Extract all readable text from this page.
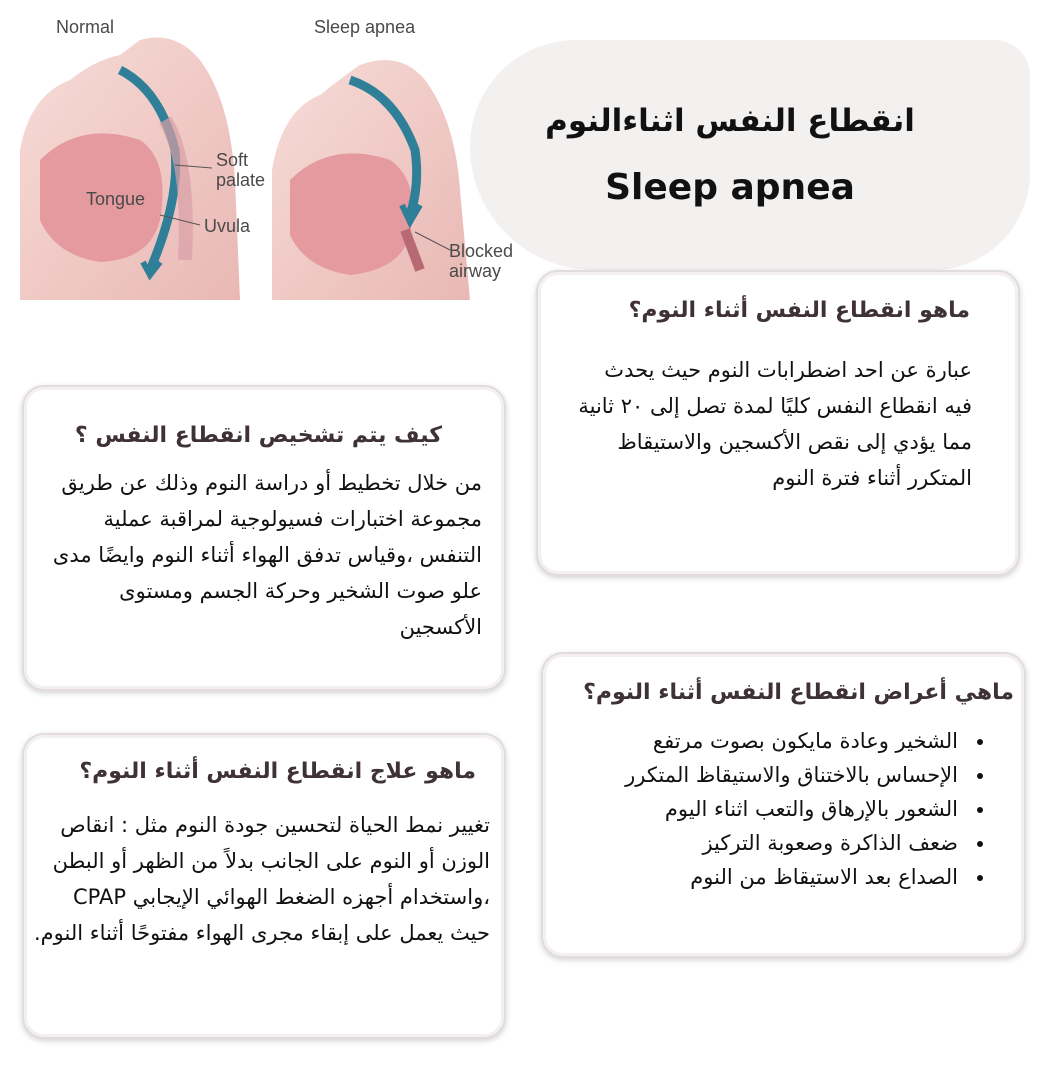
Normal	Sleep apnea
Soft
palate
Tongue
Uvula
Blocked
airway
انقطاع النفس اثناءالنوم
Sleep apnea
ماهو انقطاع النفس أثناء النوم؟

عبارة عن احد اضطرابات النوم حيث يحدث فيه انقطاع النفس كليًا لمدة تصل إلى ٢٠ ثانية مما يؤدي إلى نقص الأكسجين والاستيقاظ المتكرر أثناء فترة النوم

كيف يتم تشخيص انقطاع النفس ؟

من خلال تخطيط أو دراسة النوم وذلك عن طريق مجموعة اختبارات فسيولوجية لمراقبة عملية التنفس ،وقياس تدفق الهواء أثناء النوم وايضًا مدى علو صوت الشخير وحركة الجسم ومستوى الأكسجين

ماهي أعراض انقطاع النفس أثناء النوم؟
• الشخير وعادة مايكون بصوت مرتفع
• الإحساس بالاختناق والاستيقاظ المتكرر
• الشعور بالإرهاق والتعب اثناء اليوم
• ضعف الذاكرة وصعوبة التركيز
• الصداع بعد الاستيقاظ من النوم
ماهو علاج انقطاع النفس أثناء النوم؟

تغيير نمط الحياة لتحسين جودة النوم مثل : انقاص الوزن أو النوم على الجانب بدلاً من الظهر أو البطن ،واستخدام أجهزه الضغط الهوائي الإيجابي CPAP حيث يعمل على إبقاء مجرى الهواء مفتوحًا أثناء النوم.
